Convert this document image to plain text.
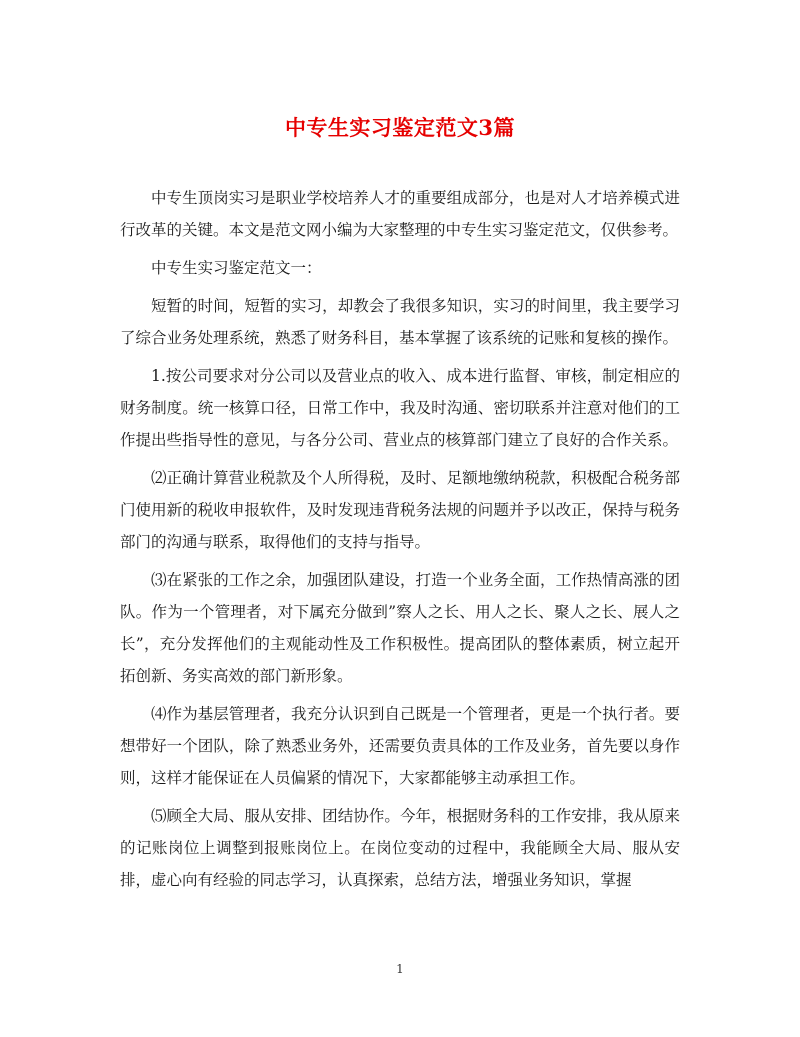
中专生实习鉴定范文3篇

中专生顶岗实习是职业学校培养人才的重要组成部分，也是对人才培养模式进行改革的关键。本文是范文网小编为大家整理的中专生实习鉴定范文，仅供参考。

中专生实习鉴定范文一：

短暂的时间，短暂的实习，却教会了我很多知识，实习的时间里，我主要学习了综合业务处理系统，熟悉了财务科目，基本掌握了该系统的记账和复核的操作。

1.按公司要求对分公司以及营业点的收入、成本进行监督、审核，制定相应的财务制度。统一核算口径，日常工作中，我及时沟通、密切联系并注意对他们的工作提出些指导性的意见，与各分公司、营业点的核算部门建立了良好的合作关系。

⑵正确计算营业税款及个人所得税，及时、足额地缴纳税款，积极配合税务部门使用新的税收申报软件，及时发现违背税务法规的问题并予以改正，保持与税务部门的沟通与联系，取得他们的支持与指导。

⑶在紧张的工作之余，加强团队建设，打造一个业务全面，工作热情高涨的团队。作为一个管理者，对下属充分做到”察人之长、用人之长、聚人之长、展人之长”，充分发挥他们的主观能动性及工作积极性。提高团队的整体素质，树立起开拓创新、务实高效的部门新形象。

⑷作为基层管理者，我充分认识到自己既是一个管理者，更是一个执行者。要想带好一个团队，除了熟悉业务外，还需要负责具体的工作及业务，首先要以身作则，这样才能保证在人员偏紧的情况下，大家都能够主动承担工作。

⑸顾全大局、服从安排、团结协作。今年，根据财务科的工作安排，我从原来的记账岗位上调整到报账岗位上。在岗位变动的过程中，我能顾全大局、服从安排，虚心向有经验的同志学习，认真探索，总结方法，增强业务知识，掌握

1
